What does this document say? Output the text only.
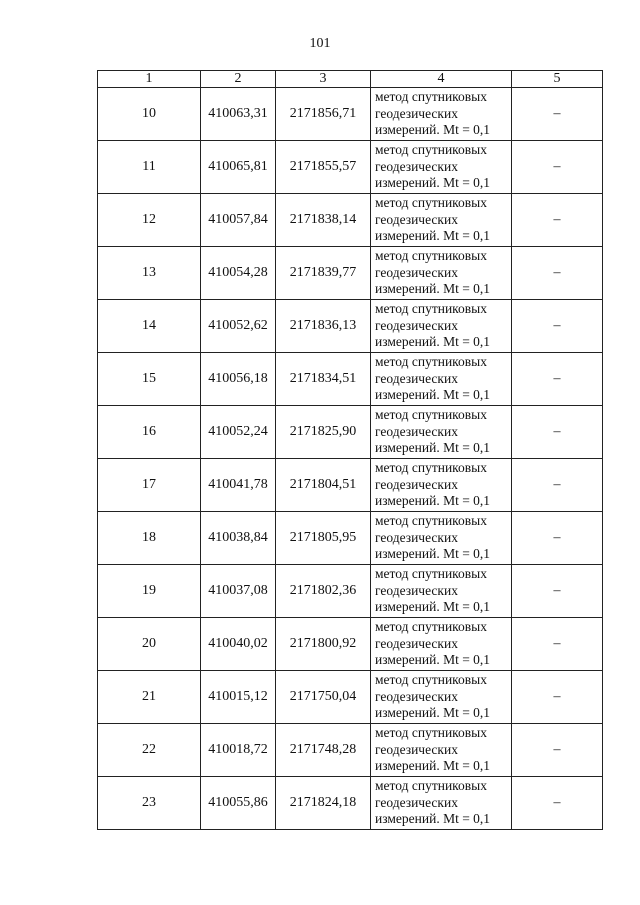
101
1	2	3	4	5
10	410063,31	2171856,71	метод спутниковых
геодезических
измерений. Mt = 0,1	–
11	410065,81	2171855,57	метод спутниковых
геодезических
измерений. Mt = 0,1	–
12	410057,84	2171838,14	метод спутниковых
геодезических
измерений. Mt = 0,1	–
13	410054,28	2171839,77	метод спутниковых
геодезических
измерений. Mt = 0,1	–
14	410052,62	2171836,13	метод спутниковых
геодезических
измерений. Mt = 0,1	–
15	410056,18	2171834,51	метод спутниковых
геодезических
измерений. Mt = 0,1	–
16	410052,24	2171825,90	метод спутниковых
геодезических
измерений. Mt = 0,1	–
17	410041,78	2171804,51	метод спутниковых
геодезических
измерений. Mt = 0,1	–
18	410038,84	2171805,95	метод спутниковых
геодезических
измерений. Mt = 0,1	–
19	410037,08	2171802,36	метод спутниковых
геодезических
измерений. Mt = 0,1	–
20	410040,02	2171800,92	метод спутниковых
геодезических
измерений. Mt = 0,1	–
21	410015,12	2171750,04	метод спутниковых
геодезических
измерений. Mt = 0,1	–
22	410018,72	2171748,28	метод спутниковых
геодезических
измерений. Mt = 0,1	–
23	410055,86	2171824,18	метод спутниковых
геодезических
измерений. Mt = 0,1	–
